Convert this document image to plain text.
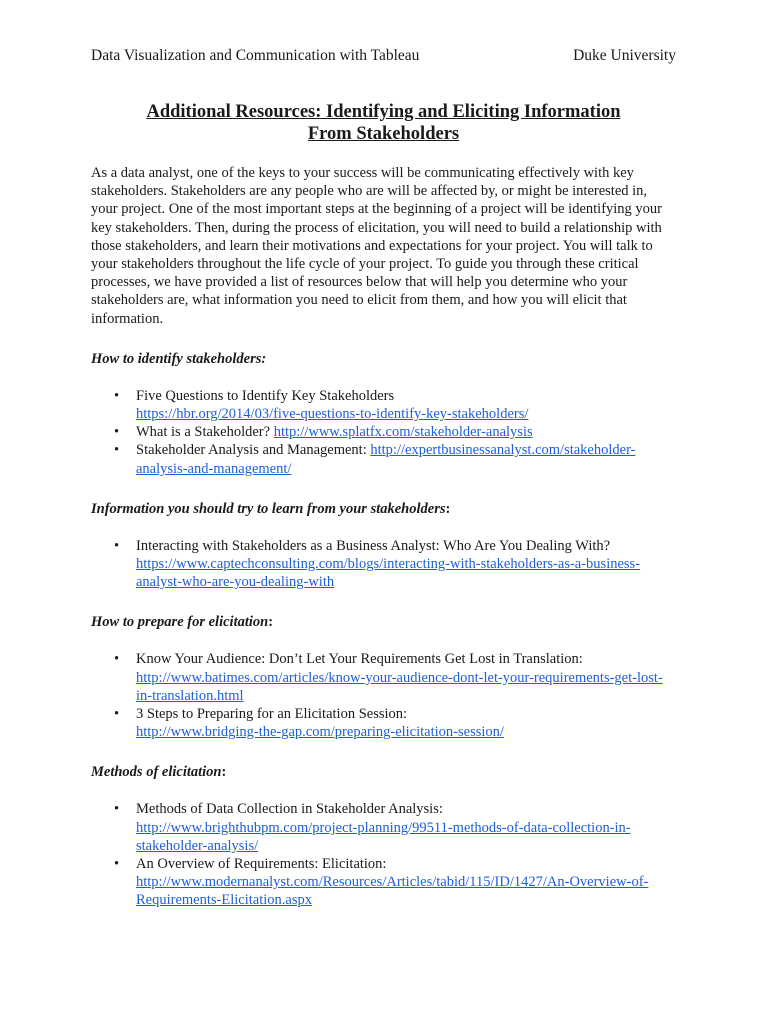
Data Visualization and Communication with Tableau	Duke University
Additional Resources: Identifying and Eliciting Information
From Stakeholders

As a data analyst, one of the keys to your success will be communicating effectively with key stakeholders. Stakeholders are any people who are will be affected by, or might be interested in, your project. One of the most important steps at the beginning of a project will be identifying your key stakeholders. Then, during the process of elicitation, you will need to build a relationship with those stakeholders, and learn their motivations and expectations for your project. You will talk to your stakeholders throughout the life cycle of your project. To guide you through these critical processes, we have provided a list of resources below that will help you determine who your stakeholders are, what information you need to elicit from them, and how you will elicit that information.

How to identify stakeholders:
• Five Questions to Identify Key Stakeholders
https://hbr.org/2014/03/five-questions-to-identify-key-stakeholders/
• What is a Stakeholder? http://www.splatfx.com/stakeholder-analysis
• Stakeholder Analysis and Management: http://expertbusinessanalyst.com/stakeholder-analysis-and-management/
Information you should try to learn from your stakeholders:
• Interacting with Stakeholders as a Business Analyst: Who Are You Dealing With?
https://www.captechconsulting.com/blogs/interacting-with-stakeholders-as-a-business-analyst-who-are-you-dealing-with
How to prepare for elicitation:
• Know Your Audience: Don’t Let Your Requirements Get Lost in Translation:
http://www.batimes.com/articles/know-your-audience-dont-let-your-requirements-get-lost-in-translation.html
• 3 Steps to Preparing for an Elicitation Session:
http://www.bridging-the-gap.com/preparing-elicitation-session/
Methods of elicitation:
• Methods of Data Collection in Stakeholder Analysis:
http://www.brighthubpm.com/project-planning/99511-methods-of-data-collection-in-stakeholder-analysis/
• An Overview of Requirements: Elicitation:
http://www.modernanalyst.com/Resources/Articles/tabid/115/ID/1427/An-Overview-of-Requirements-Elicitation.aspx
